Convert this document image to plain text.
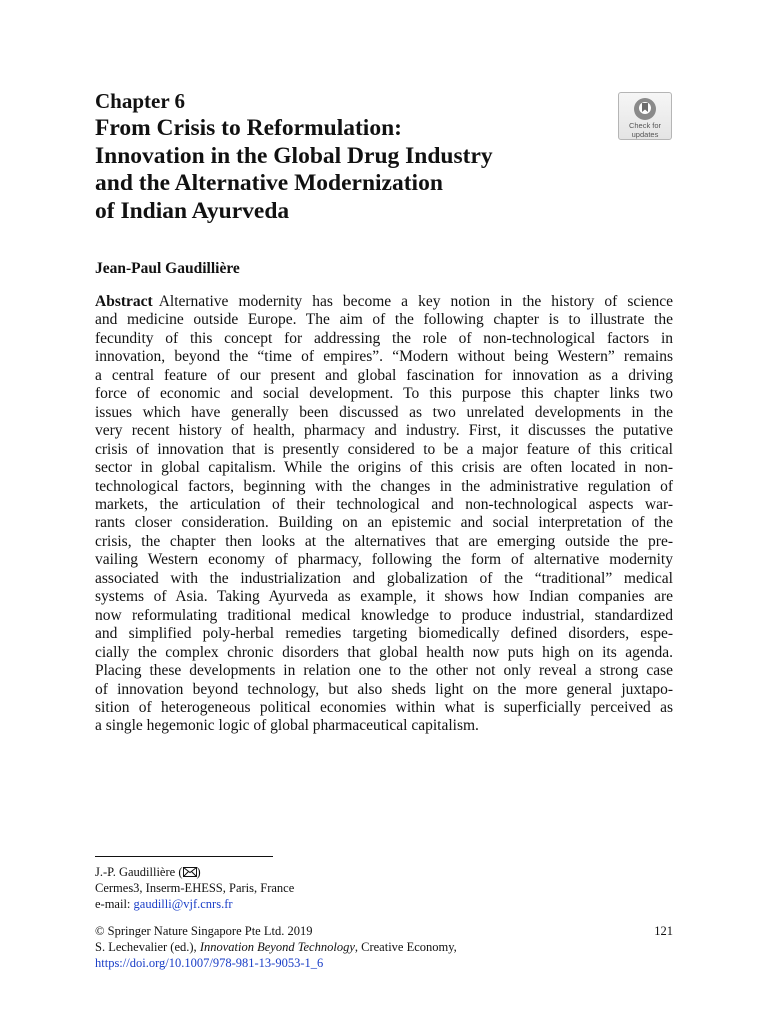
Chapter 6
From Crisis to Reformulation:
Innovation in the Global Drug Industry
and the Alternative Modernization
of Indian Ayurveda
Check for
updates
Jean-Paul Gaudillière

Abstract Alternative modernity has become a key notion in the history of science
and medicine outside Europe. The aim of the following chapter is to illustrate the
fecundity of this concept for addressing the role of non-technological factors in
innovation, beyond the “time of empires”. “Modern without being Western” remains
a central feature of our present and global fascination for innovation as a driving
force of economic and social development. To this purpose this chapter links two
issues which have generally been discussed as two unrelated developments in the
very recent history of health, pharmacy and industry. First, it discusses the putative
crisis of innovation that is presently considered to be a major feature of this critical
sector in global capitalism. While the origins of this crisis are often located in non-
technological factors, beginning with the changes in the administrative regulation of
markets, the articulation of their technological and non-technological aspects war-
rants closer consideration. Building on an epistemic and social interpretation of the
crisis, the chapter then looks at the alternatives that are emerging outside the pre-
vailing Western economy of pharmacy, following the form of alternative modernity
associated with the industrialization and globalization of the “traditional” medical
systems of Asia. Taking Ayurveda as example, it shows how Indian companies are
now reformulating traditional medical knowledge to produce industrial, standardized
and simplified poly-herbal remedies targeting biomedically defined disorders, espe-
cially the complex chronic disorders that global health now puts high on its agenda.
Placing these developments in relation one to the other not only reveal a strong case
of innovation beyond technology, but also sheds light on the more general juxtapo-
sition of heterogeneous political economies within what is superficially perceived as
a single hegemonic logic of global pharmaceutical capitalism.

J.-P. Gaudillière ( )
Cermes3, Inserm-EHESS, Paris, France
e-mail: gaudilli@vjf.cnrs.fr
© Springer Nature Singapore Pte Ltd. 2019	121
S. Lechevalier (ed.), Innovation Beyond Technology, Creative Economy,
https://doi.org/10.1007/978-981-13-9053-1_6
